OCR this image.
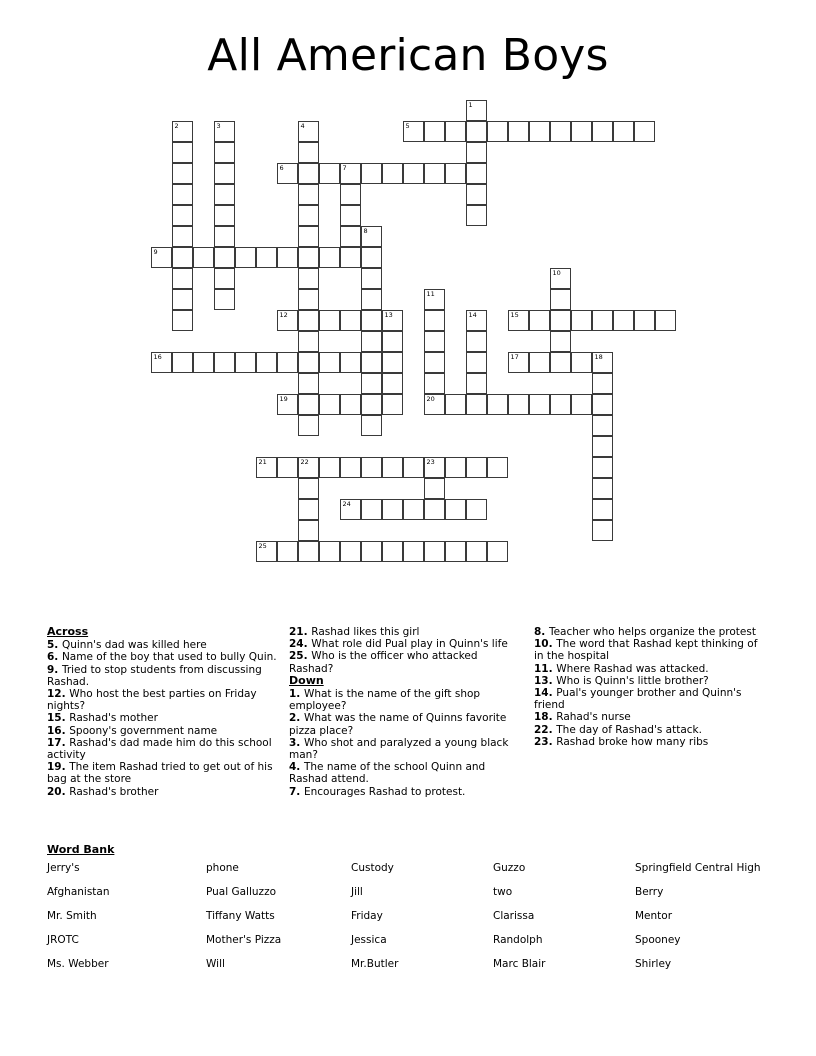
All American Boys
1
2	3	4	5
6	7
8
9
10
11
20
12	13	14	15
16	17	18
19
21	22	23
24
25
Across
5. Quinn's dad was killed here
6. Name of the boy that used to bully Quin.
9. Tried to stop students from discussing Rashad.
12. Who host the best parties on Friday nights?
15. Rashad's mother
16. Spoony's government name
17. Rashad's dad made him do this school activity
19. The item Rashad tried to get out of his bag at the store
20. Rashad's brother
21. Rashad likes this girl
24. What role did Pual play in Quinn's life
25. Who is the officer who attacked Rashad?
Down
1. What is the name of the gift shop employee?
2. What was the name of Quinns favorite pizza place?
3. Who shot and paralyzed a young black man?
4. The name of the school Quinn and Rashad attend.
7. Encourages Rashad to protest.
8. Teacher who helps organize the protest
10. The word that Rashad kept thinking of in the hospital
11. Where Rashad was attacked.
13. Who is Quinn's little brother?
14. Pual's younger brother and Quinn's friend
18. Rahad's nurse
22. The day of Rashad's attack.
23. Rashad broke how many ribs
Word Bank
Jerry's	phone	Custody	Guzzo	Springfield Central High
Afghanistan	Pual Galluzzo	Jill	two	Berry
Mr. Smith	Tiffany Watts	Friday	Clarissa	Mentor
JROTC	Mother's Pizza	Jessica	Randolph	Spooney
Ms. Webber	Will	Mr.Butler	Marc Blair	Shirley
